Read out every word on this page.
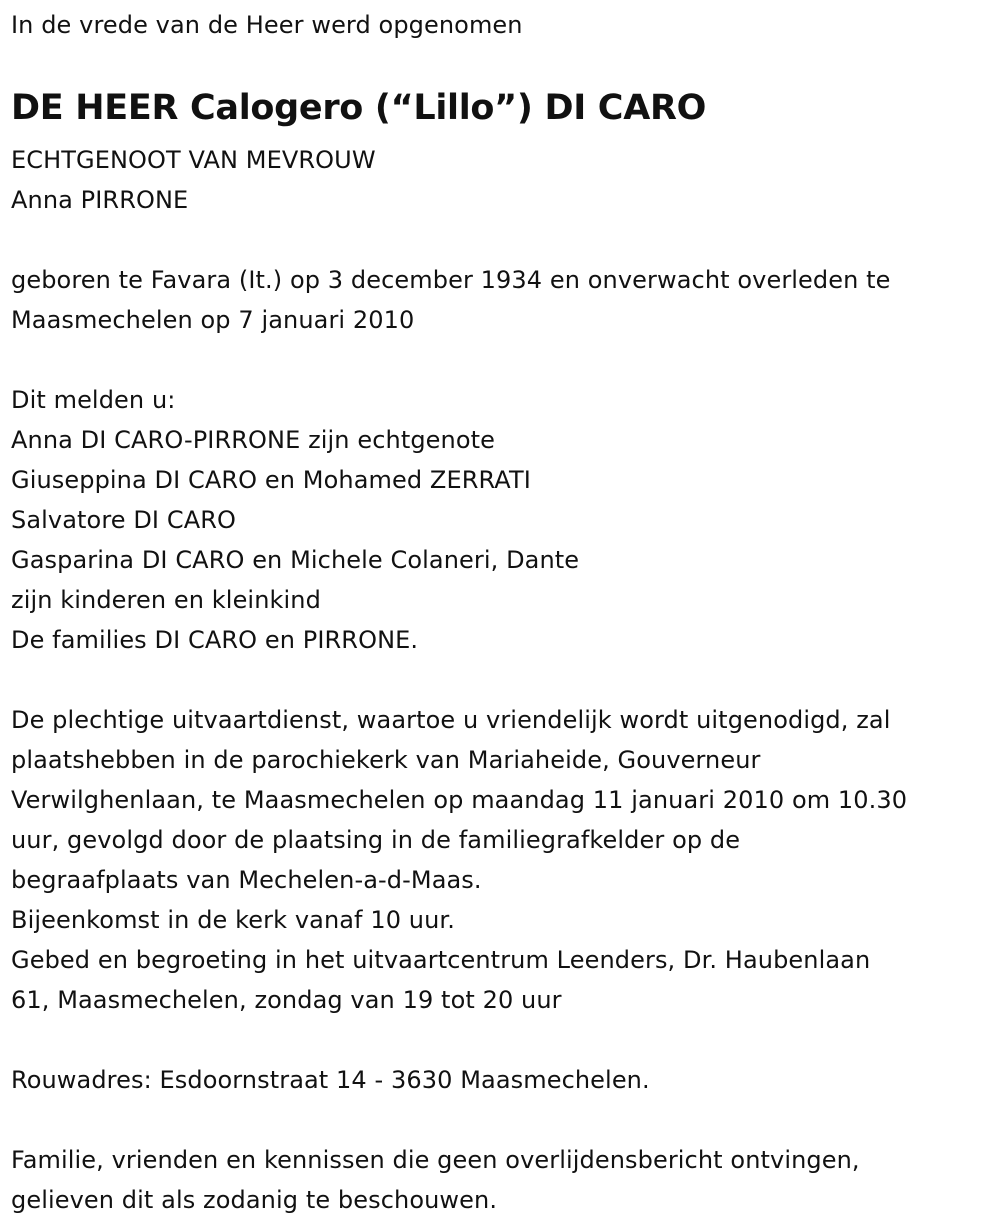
In de vrede van de Heer werd opgenomen
DE HEER Calogero (“Lillo”) DI CARO
ECHTGENOOT VAN MEVROUW
Anna PIRRONE
geboren te Favara (It.) op 3 december 1934 en onverwacht overleden te
Maasmechelen op 7 januari 2010
Dit melden u:
Anna DI CARO-PIRRONE zijn echtgenote
Giuseppina DI CARO en Mohamed ZERRATI
Salvatore DI CARO
Gasparina DI CARO en Michele Colaneri, Dante
zijn kinderen en kleinkind
De families DI CARO en PIRRONE.
De plechtige uitvaartdienst, waartoe u vriendelijk wordt uitgenodigd, zal
plaatshebben in de parochiekerk van Mariaheide, Gouverneur
Verwilghenlaan, te Maasmechelen op maandag 11 januari 2010 om 10.30
uur, gevolgd door de plaatsing in de familiegrafkelder op de
begraafplaats van Mechelen-a-d-Maas.
Bijeenkomst in de kerk vanaf 10 uur.
Gebed en begroeting in het uitvaartcentrum Leenders, Dr. Haubenlaan
61, Maasmechelen, zondag van 19 tot 20 uur
Rouwadres: Esdoornstraat 14 - 3630 Maasmechelen.
Familie, vrienden en kennissen die geen overlijdensbericht ontvingen,
gelieven dit als zodanig te beschouwen.
